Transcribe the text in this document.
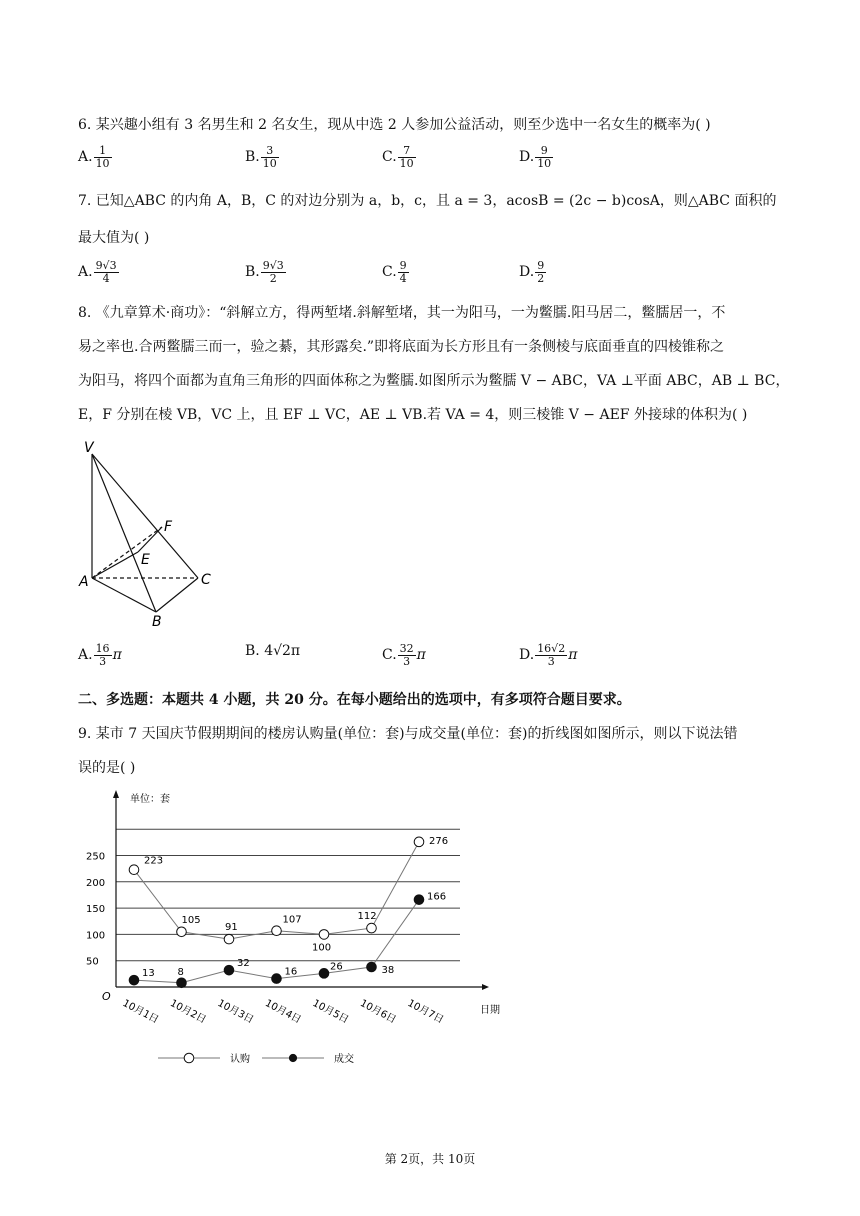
6. 某兴趣小组有 3 名男生和 2 名女生，现从中选 2 人参加公益活动，则至少选中一名女生的概率为( )
A. $\frac{1}{10}$	B. $\frac{3}{10}$	C. $\frac{7}{10}$	D. $\frac{9}{10}$
7. 已知△ABC 的内角 A，B，C 的对边分别为 a，b，c，且 a = 3，acosB = (2c − b)cosA，则△ABC 面积的
最大值为( )
A. $\frac{9√3}{4}$	B. $\frac{9√3}{2}$	C. $\frac{9}{4}$	D. $\frac{9}{2}$
8. 《九章算术·商功》：“斜解立方，得两堑堵.斜解堑堵，其一为阳马，一为鳖臑.阳马居二，鳖臑居一，不
易之率也.合两鳖臑三而一，验之綦，其形露矣.”即将底面为长方形且有一条侧棱与底面垂直的四棱锥称之
为阳马，将四个面都为直角三角形的四面体称之为鳖臑.如图所示为鳖臑 V − ABC，VA ⊥平面 ABC，AB ⊥ BC，
E，F 分别在棱 VB，VC 上，且 EF ⊥ VC，AE ⊥ VB.若 VA = 4，则三棱锥 V − AEF 外接球的体积为( )
V
F
E
A	C
B
A. $\frac{16}{3}$ π	B. 4√2π	C. $\frac{32}{3}$ π	D. $\frac{16√2}{3}$ π
二、多选题：本题共 4 小题，共 20 分。在每小题给出的选项中，有多项符合题目要求。
9. 某市 7 天国庆节假期期间的楼房认购量(单位：套)与成交量(单位：套)的折线图如图所示，则以下说法错
误的是( )
单位：套
O
日期
50
100
150
200
250
10月1日 10月2日 10月3日 10月4日 10月5日 10月6日 10月7日
223
105
91
107
100
112
276
13 8
32
16	26	38
166
认购	成交
第 2页，共 10页
